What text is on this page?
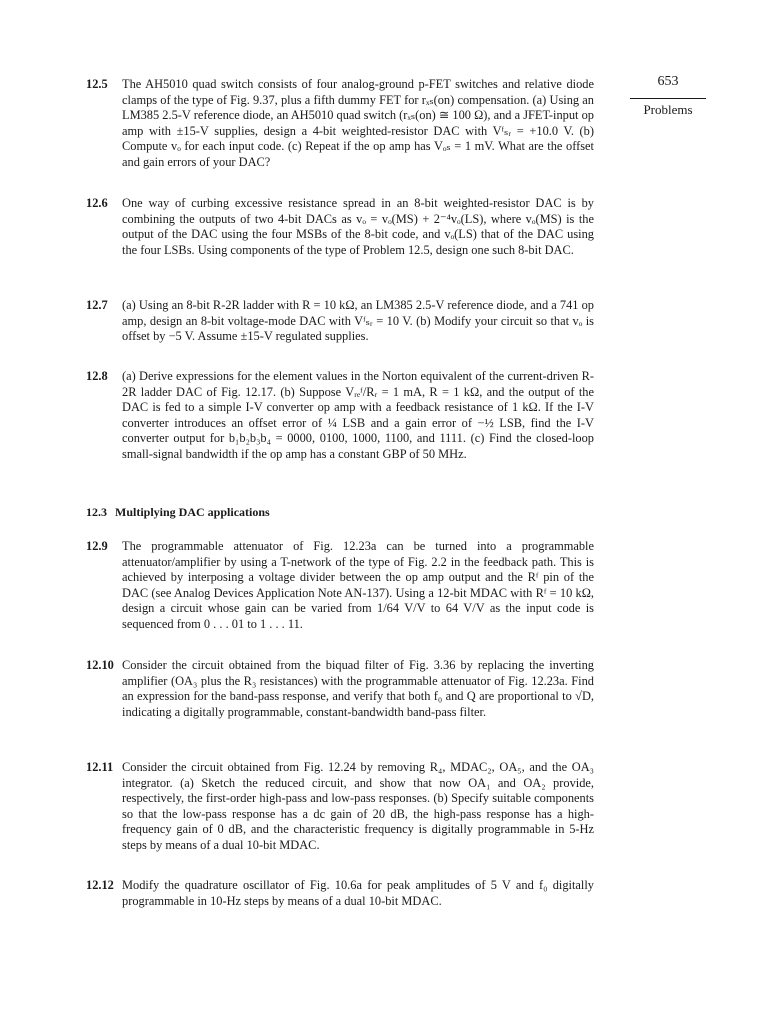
653
Problems
12.5 The AH5010 quad switch consists of four analog-ground p-FET switches and relative diode clamps of the type of Fig. 9.37, plus a fifth dummy FET for rₓₛ(on) compensation. (a) Using an LM385 2.5-V reference diode, an AH5010 quad switch (rₓₛ(on) ≅ 100 Ω), and a JFET-input op amp with ±15-V supplies, design a 4-bit weighted-resistor DAC with Vᶠₛᵣ = +10.0 V. (b) Compute vₒ for each input code. (c) Repeat if the op amp has Vₒₛ = 1 mV. What are the offset and gain errors of your DAC?

12.6 One way of curbing excessive resistance spread in an 8-bit weighted-resistor DAC is by combining the outputs of two 4-bit DACs as vₒ = vₒ(MS) + 2⁻⁴vₒ(LS), where vₒ(MS) is the output of the DAC using the four MSBs of the 8-bit code, and vₒ(LS) that of the DAC using the four LSBs. Using components of the type of Problem 12.5, design one such 8-bit DAC.

12.7 (a) Using an 8-bit R-2R ladder with R = 10 kΩ, an LM385 2.5-V reference diode, and a 741 op amp, design an 8-bit voltage-mode DAC with Vᶠₛᵣ = 10 V. (b) Modify your circuit so that vₒ is offset by −5 V. Assume ±15-V regulated supplies.

12.8 (a) Derive expressions for the element values in the Norton equivalent of the current-driven R-2R ladder DAC of Fig. 12.17. (b) Suppose Vᵣₑᶠ/Rᵣ = 1 mA, R = 1 kΩ, and the output of the DAC is fed to a simple I-V converter op amp with a feedback resistance of 1 kΩ. If the I-V converter introduces an offset error of ¼ LSB and a gain error of −½ LSB, find the I-V converter output for b₁b₂b₃b₄ = 0000, 0100, 1000, 1100, and 1111. (c) Find the closed-loop small-signal bandwidth if the op amp has a constant GBP of 50 MHz.

12.3 Multiplying DAC applications
12.9 The programmable attenuator of Fig. 12.23a can be turned into a programmable attenuator/amplifier by using a T-network of the type of Fig. 2.2 in the feedback path. This is achieved by interposing a voltage divider between the op amp output and the Rᶠ pin of the DAC (see Analog Devices Application Note AN-137). Using a 12-bit MDAC with Rᶠ = 10 kΩ, design a circuit whose gain can be varied from 1/64 V/V to 64 V/V as the input code is sequenced from 0 . . . 01 to 1 . . . 11.

12.10 Consider the circuit obtained from the biquad filter of Fig. 3.36 by replacing the inverting amplifier (OA₃ plus the R₃ resistances) with the programmable attenuator of Fig. 12.23a. Find an expression for the band-pass response, and verify that both f₀ and Q are proportional to √D, indicating a digitally programmable, constant-bandwidth band-pass filter.

12.11 Consider the circuit obtained from Fig. 12.24 by removing R₄, MDAC₂, OA₅, and the OA₃ integrator. (a) Sketch the reduced circuit, and show that now OA₁ and OA₂ provide, respectively, the first-order high-pass and low-pass responses. (b) Specify suitable components so that the low-pass response has a dc gain of 20 dB, the high-pass response has a high-frequency gain of 0 dB, and the characteristic frequency is digitally programmable in 5-Hz steps by means of a dual 10-bit MDAC.

12.12 Modify the quadrature oscillator of Fig. 10.6a for peak amplitudes of 5 V and f₀ digitally programmable in 10-Hz steps by means of a dual 10-bit MDAC.
